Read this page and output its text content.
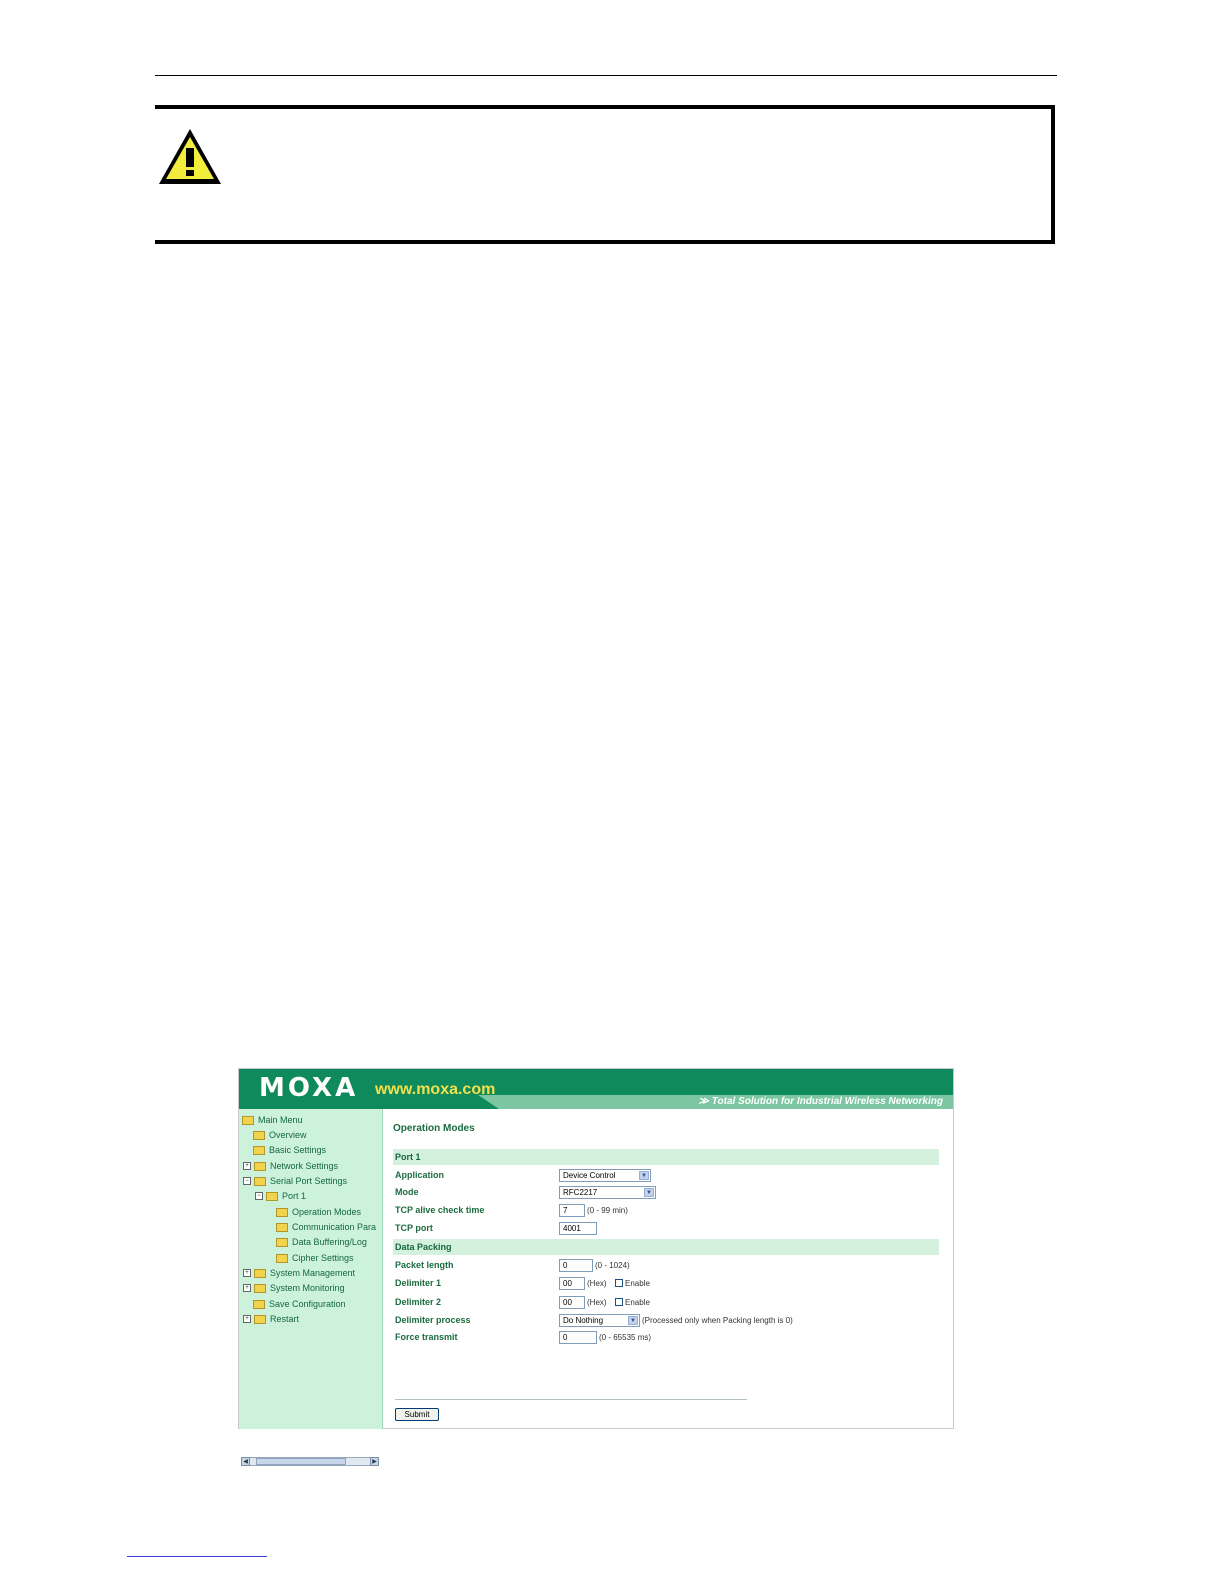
MOXA www.moxa.com
≫ Total Solution for Industrial Wireless Networking
Main Menu
Overview
Basic Settings
+ Network Settings
− Serial Port Settings
− Port 1
Operation Modes
Communication Para
Data Buffering/Log
Cipher Settings
+ System Management
+ System Monitoring
Save Configuration
+ Restart
◀	▶
Operation Modes
Port 1
Application	Device Control	▼
Mode	RFC2217	▼
TCP alive check time	7	(0 - 99 min)
TCP port	4001
Data Packing
Packet length	0	(0 - 1024)
Delimiter 1	00	(Hex) Enable
Delimiter 2	00	(Hex) Enable
Delimiter process	Do Nothing	▼ (Processed only when Packing length is 0)
Force transmit	0	(0 - 65535 ms)
Submit
